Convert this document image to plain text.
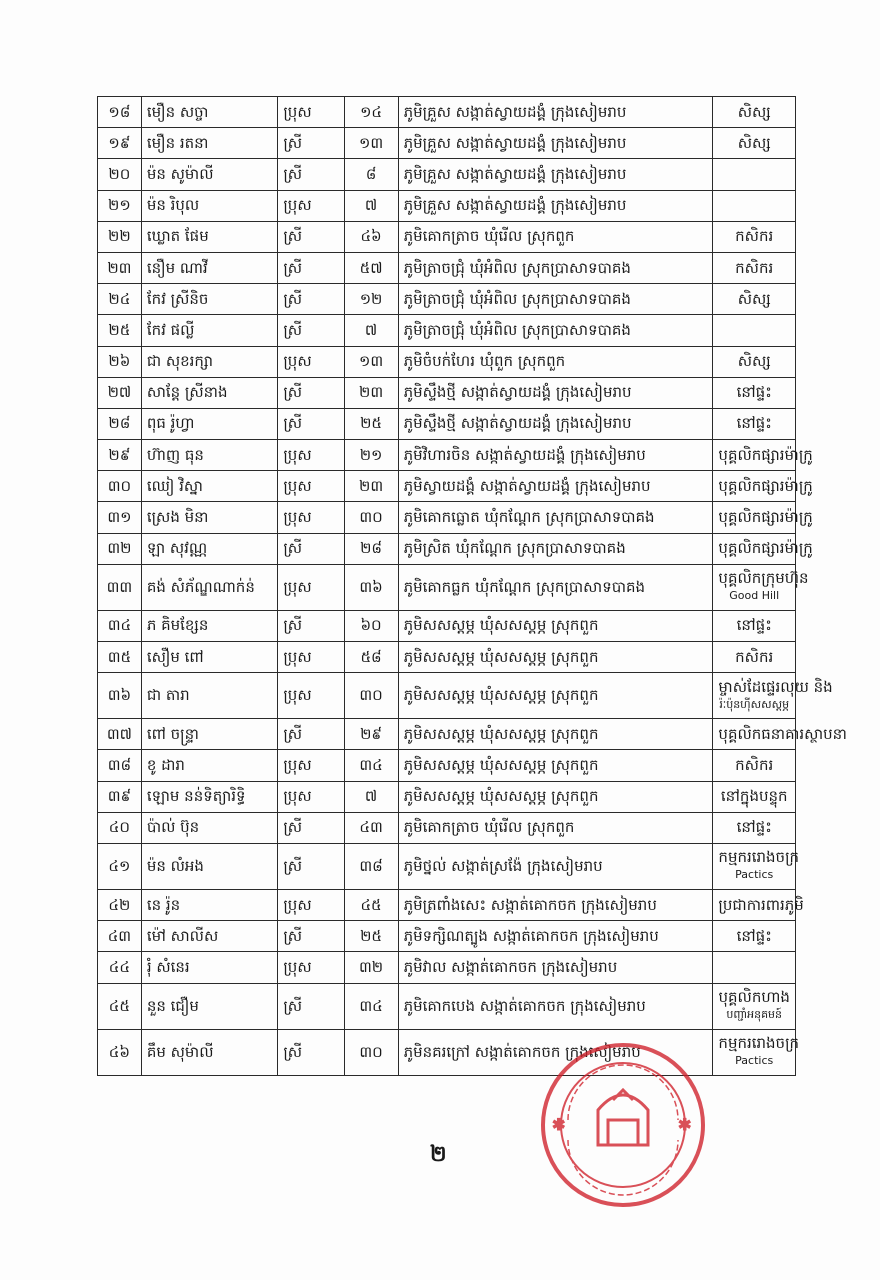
១៨	មឿន សច្ចា	ប្រុស	១៤	ភូមិគ្រួស សង្កាត់ស្វាយដង្គំ ក្រុងសៀមរាប	សិស្ស

១៩	មឿន រតនា	ស្រី	១៣	ភូមិគ្រួស សង្កាត់ស្វាយដង្គំ ក្រុងសៀមរាប	សិស្ស

២០	ម៉ន សូម៉ាលី	ស្រី	៨	ភូមិគ្រួស សង្កាត់ស្វាយដង្គំ ក្រុងសៀមរាប	
២១	ម៉ន រិបុល	ប្រុស	៧	ភូមិគ្រួស សង្កាត់ស្វាយដង្គំ ក្រុងសៀមរាប	
២២	ឃ្លោត ផែម	ស្រី	៤៦	ភូមិគោកត្រាច ឃុំរើល ស្រុកពួក	កសិករ

២៣	នឿម ណាវី	ស្រី	៥៧	ភូមិត្រាចជ្រុំ ឃុំអំពិល ស្រុកប្រាសាទបាគង	កសិករ

២៤	កែវ ស្រីនិច	ស្រី	១២	ភូមិត្រាចជ្រុំ ឃុំអំពិល ស្រុកប្រាសាទបាគង	សិស្ស

២៥	កែវ ផល្លី	ស្រី	៧	ភូមិត្រាចជ្រុំ ឃុំអំពិល ស្រុកប្រាសាទបាគង	
២៦	ជា សុខរក្សា	ប្រុស	១៣	ភូមិចំបក់ហែរ ឃុំពួក ស្រុកពួក	សិស្ស

២៧	សាន្តែ ស្រីនាង	ស្រី	២៣	ភូមិស្ទឹងថ្មី សង្កាត់ស្វាយដង្គំ ក្រុងសៀមរាប	នៅផ្ទះ

២៨	ពុធ រ៉ូហ្វា	ស្រី	២៥	ភូមិស្ទឹងថ្មី សង្កាត់ស្វាយដង្គំ ក្រុងសៀមរាប	នៅផ្ទះ

២៩	ហ៊ាញ ធុន	ប្រុស	២១	ភូមិវិហារចិន សង្កាត់ស្វាយដង្គំ ក្រុងសៀមរាប	បុគ្គលិកផ្សារម៉ាក្រូ

៣០	ឈៀ វិស្នា	ប្រុស	២៣	ភូមិស្វាយដង្គំ សង្កាត់ស្វាយដង្គំ ក្រុងសៀមរាប	បុគ្គលិកផ្សារម៉ាក្រូ

៣១	ស្រេង មិនា	ប្រុស	៣០	ភូមិគោកធ្លោត ឃុំកណ្តែក ស្រុកប្រាសាទបាគង	បុគ្គលិកផ្សារម៉ាក្រូ

៣២	ឡា សុវណ្ណ	ស្រី	២៨	ភូមិស្រិត ឃុំកណ្តែក ស្រុកប្រាសាទបាគង	បុគ្គលិកផ្សារម៉ាក្រូ

៣៣	គង់ សំភ័ណ្ឌណាក់ន់	ប្រុស	៣៦	ភូមិគោកធ្លក ឃុំកណ្តែក ស្រុកប្រាសាទបាគង	បុគ្គលិកក្រុមហ៊ុន
Good Hill

៣៤	ភ គិមខ្សែន	ស្រី	៦០	ភូមិសសស្តម្ភ ឃុំសសស្តម្ភ ស្រុកពួក	នៅផ្ទះ

៣៥	សឿម ពៅ	ប្រុស	៥៨	ភូមិសសស្តម្ភ ឃុំសសស្តម្ភ ស្រុកពួក	កសិករ

៣៦	ជា តារា	ប្រុស	៣០	ភូមិសសស្តម្ភ ឃុំសសស្តម្ភ ស្រុកពួក	ម្ចាស់ដែផ្ទេរលុយ និង
រ៉ៈប៉ុនហ៊ីសសស្តម្ភ

៣៧	ពៅ ចន្ទ្រា	ស្រី	២៩	ភូមិសសស្តម្ភ ឃុំសសស្តម្ភ ស្រុកពួក	បុគ្គលិកធនាគារស្ថាបនា

៣៨	ខូ ដារា	ប្រុស	៣៤	ភូមិសសស្តម្ភ ឃុំសសស្តម្ភ ស្រុកពួក	កសិករ

៣៩	ឡោម នន់ទិត្យារិទ្ធិ	ប្រុស	៧	ភូមិសសស្តម្ភ ឃុំសសស្តម្ភ ស្រុកពួក	នៅក្នុងបន្ទុក

៤០	ប៉ាល់ ប៊ុន	ស្រី	៤៣	ភូមិគោកត្រាច ឃុំរើល ស្រុកពួក	នៅផ្ទះ

៤១	ម៉ន លំអង	ស្រី	៣៨	ភូមិថ្នល់ សង្កាត់ស្រង៉ែ ក្រុងសៀមរាប	កម្មកររោងចក្រ
Pactics

៤២	នេ រ៉ូន	ប្រុស	៤៥	ភូមិត្រពាំងសេះ សង្កាត់គោកចក ក្រុងសៀមរាប	ប្រជាការពារភូមិ

៤៣	ម៉ៅ សាលីស	ស្រី	២៥	ភូមិទក្សិណត្បូង សង្កាត់គោកចក ក្រុងសៀមរាប	នៅផ្ទះ

៤៤	រុំ សំនេរ	ប្រុស	៣២	ភូមិវាល សង្កាត់គោកចក ក្រុងសៀមរាប	
៤៥	នួន ជឿម	ស្រី	៣៤	ភូមិគោកបេង សង្កាត់គោកចក ក្រុងសៀមរាប	បុគ្គលិកហាង
បញ្ជាំអនុគមន៍

៤៦	គឹម សុម៉ាលី	ស្រី	៣០	ភូមិនគរក្រៅ សង្កាត់គោកចក ក្រុងសៀមរាប	កម្មកររោងចក្រ
Pactics
២
✱	✱
